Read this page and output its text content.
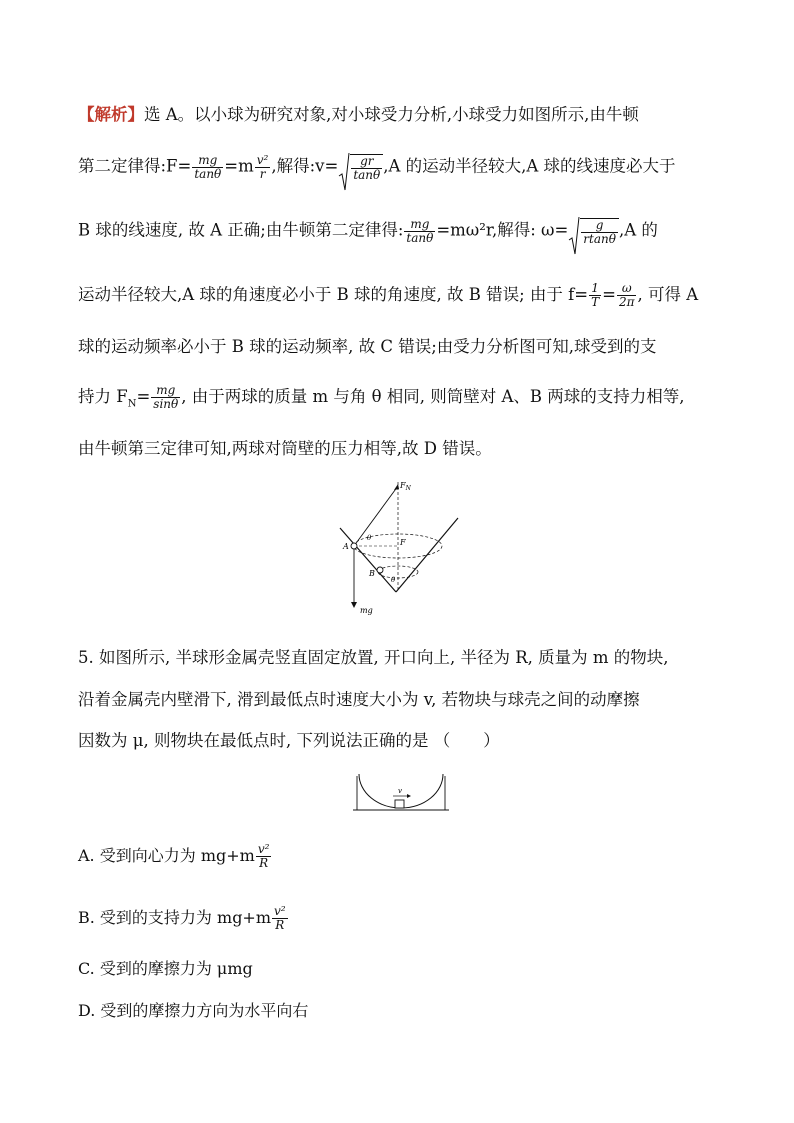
【解析】选 A。以小球为研究对象,对小球受力分析,小球受力如图所示,由牛顿
第二定律得:F= $\frac{mg}{\tan\theta} =m \frac{\text{v²}}{r}$ ,解得:v= $\frac{gr}{\tan\theta} ,A$ 的运动半径较大,A 球的线速度必大于
B 球的线速度, 故 A 正确;由牛顿第二定律得: $\frac{mg}{\tan\theta} =m\omega^2r$,解得: $\omega= \frac{g}{rtan\theta} ,A$ 的
运动半径较大,A 球的角速度必小于 B 球的角速度, 故 B 错误; 由于 $f= \frac{1}{T} = \frac{\omega}{2\pi}$ , 可得 A
球的运动频率必小于 B 球的运动频率, 故 C 错误;由受力分析图可知,球受到的支
持力 $F_N= \frac{mg}{\sin\theta}$ , 由于两球的质量 m 与角 θ 相同, 则筒壁对 A、B 两球的支持力相等,
由牛顿第三定律可知,两球对筒壁的压力相等,故 D 错误。
$F_N$
θ
A	F
B
θ
mg
5. 如图所示, 半球形金属壳竖直固定放置, 开口向上, 半径为 R, 质量为 m 的物块,
沿着金属壳内壁滑下, 滑到最低点时速度大小为 v, 若物块与球壳之间的动摩擦
因数为 μ, 则物块在最低点时, 下列说法正确的是 （　　）
v
A. 受到向心力为 $mg+m \frac{\text{v²}}{R}$
B. 受到的支持力为 $mg+m \frac{\text{v²}}{R}$
C. 受到的摩擦力为 μmg
D. 受到的摩擦力方向为水平向右
